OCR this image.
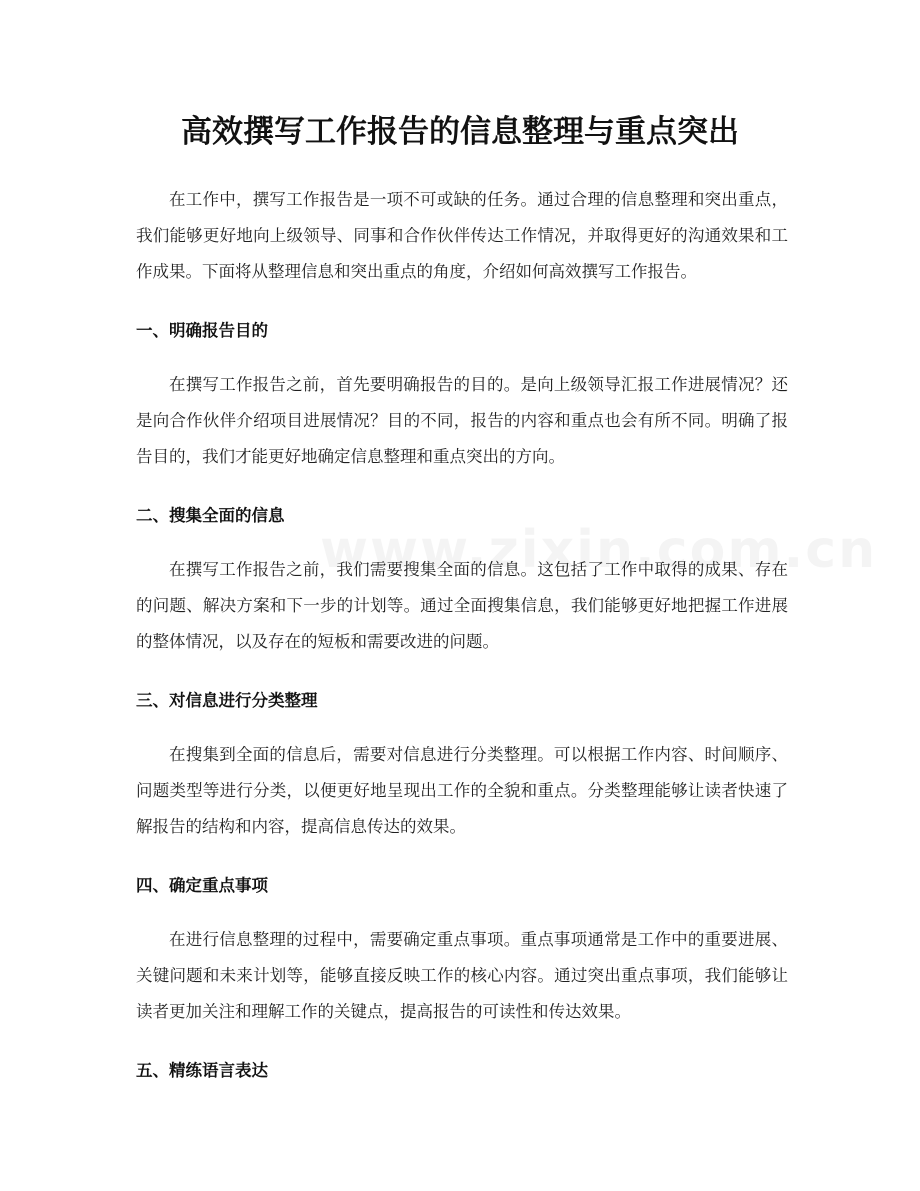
高效撰写工作报告的信息整理与重点突出

在工作中，撰写工作报告是一项不可或缺的任务。通过合理的信息整理和突出重点，我们能够更好地向上级领导、同事和合作伙伴传达工作情况，并取得更好的沟通效果和工作成果。下面将从整理信息和突出重点的角度，介绍如何高效撰写工作报告。

一、明确报告目的

在撰写工作报告之前，首先要明确报告的目的。是向上级领导汇报工作进展情况？还是向合作伙伴介绍项目进展情况？目的不同，报告的内容和重点也会有所不同。明确了报告目的，我们才能更好地确定信息整理和重点突出的方向。

二、搜集全面的信息

在撰写工作报告之前，我们需要搜集全面的信息。这包括了工作中取得的成果、存在的问题、解决方案和下一步的计划等。通过全面搜集信息，我们能够更好地把握工作进展的整体情况，以及存在的短板和需要改进的问题。

三、对信息进行分类整理

在搜集到全面的信息后，需要对信息进行分类整理。可以根据工作内容、时间顺序、问题类型等进行分类，以便更好地呈现出工作的全貌和重点。分类整理能够让读者快速了解报告的结构和内容，提高信息传达的效果。

四、确定重点事项

在进行信息整理的过程中，需要确定重点事项。重点事项通常是工作中的重要进展、关键问题和未来计划等，能够直接反映工作的核心内容。通过突出重点事项，我们能够让读者更加关注和理解工作的关键点，提高报告的可读性和传达效果。

五、精练语言表达
